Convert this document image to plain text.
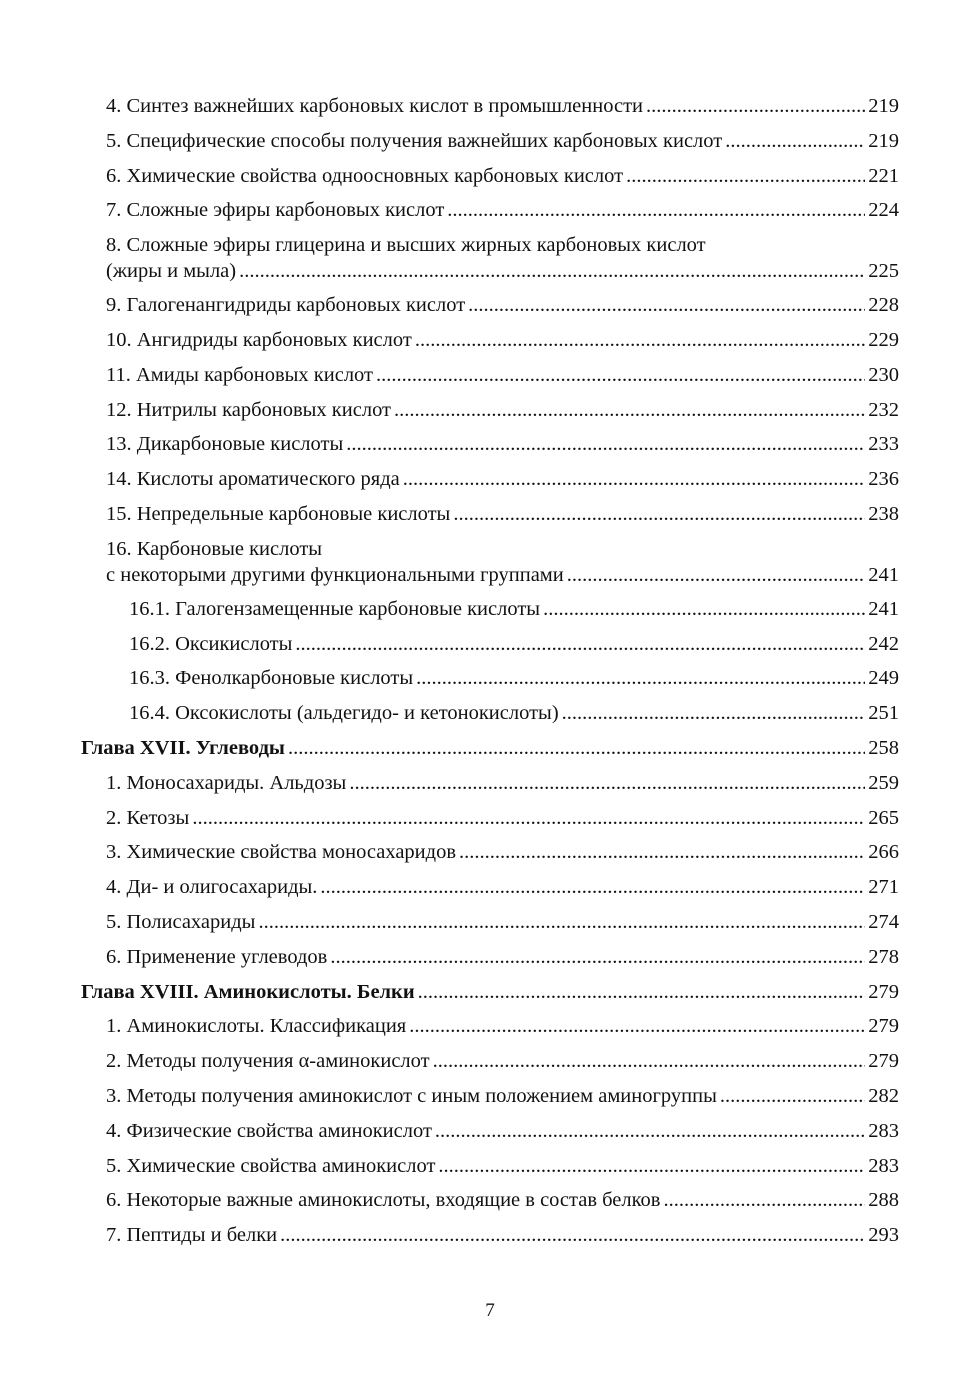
4. Синтез важнейших карбоновых кислот в промышленности .....	219
5. Специфические способы получения важнейших карбоновых кислот .....	219
6. Химические свойства одноосновных карбоновых кислот .....	221
7. Сложные эфиры карбоновых кислот .....	224
8. Сложные эфиры глицерина и высших жирных карбоновых кислот
(жиры и мыла) .....	225
9. Галогенангидриды карбоновых кислот .....	228
10. Ангидриды карбоновых кислот .....	229
11. Амиды карбоновых кислот .....	230
12. Нитрилы карбоновых кислот .....	232
13. Дикарбоновые кислоты .....	233
14. Кислоты ароматического ряда .....	236
15. Непредельные карбоновые кислоты .....	238
16. Карбоновые кислоты
с некоторыми другими функциональными группами .....	241
16.1. Галогензамещенные карбоновые кислоты .....	241
16.2. Оксикислоты .....	242
16.3. Фенолкарбоновые кислоты .....	249
16.4. Оксокислоты (альдегидо- и кетонокислоты) .....	251
Глава XVII. Углеводы .....	258
1. Моносахариды. Альдозы .....	259
2. Кетозы .....	265
3. Химические свойства моносахаридов .....	266
4. Ди- и олигосахариды. .....	271
5. Полисахариды .....	274
6. Применение углеводов .....	278
Глава XVIII. Аминокислоты. Белки .....	279
1. Аминокислоты. Классификация .....	279
2. Методы получения α-аминокислот .....	279
3. Методы получения аминокислот с иным положением аминогруппы .....	282
4. Физические свойства аминокислот .....	283
5. Химические свойства аминокислот .....	283
6. Некоторые важные аминокислоты, входящие в состав белков .....	288
7. Пептиды и белки .....	293
7
